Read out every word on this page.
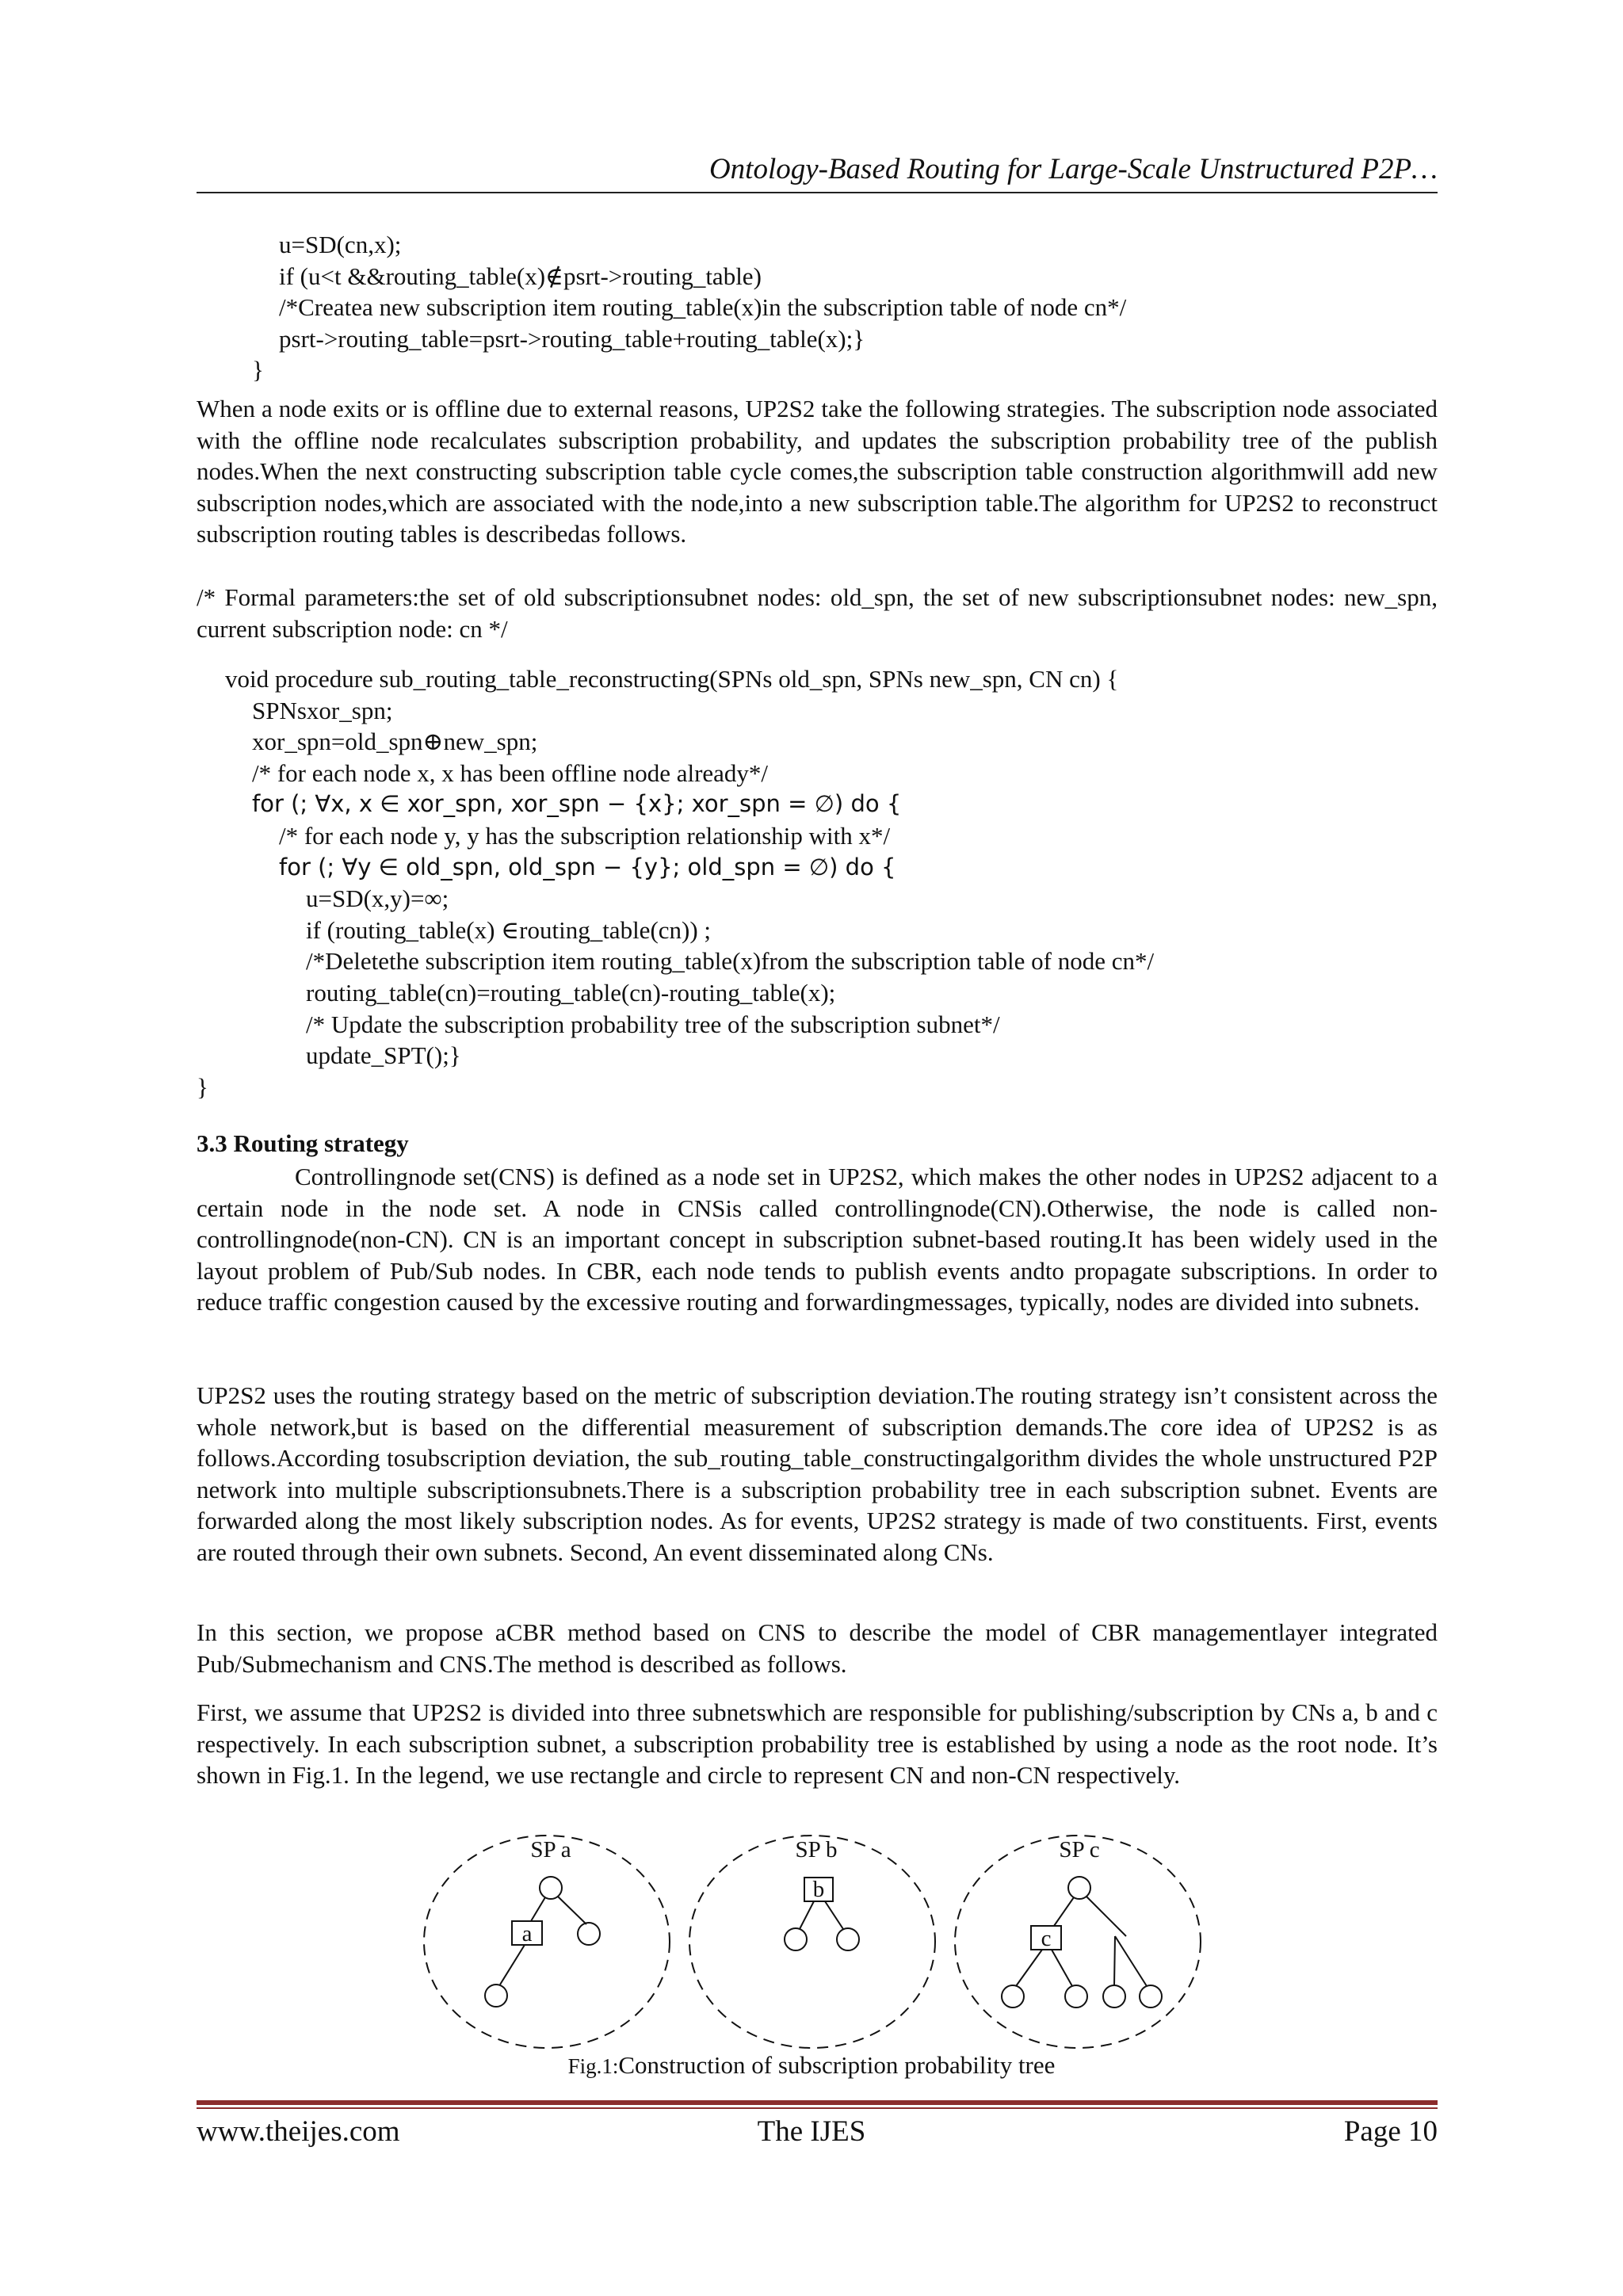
Ontology-Based Routing for Large-Scale Unstructured P2P…
u=SD(cn,x);
if (u<t &&routing_table(x)∉psrt->routing_table)
/*Createa new subscription item routing_table(x)in the subscription table of node cn*/
psrt->routing_table=psrt->routing_table+routing_table(x);}
}

When a node exits or is offline due to external reasons, UP2S2 take the following strategies. The subscription node associated with the offline node recalculates subscription probability, and updates the subscription probability tree of the publish nodes.When the next constructing subscription table cycle comes,the subscription table construction algorithmwill add new subscription nodes,which are associated with the node,into a new subscription table.The algorithm for UP2S2 to reconstruct subscription routing tables is describedas follows.

/* Formal parameters:the set of old subscriptionsubnet nodes: old_spn, the set of new subscriptionsubnet nodes: new_spn, current subscription node: cn */

void procedure sub_routing_table_reconstructing(SPNs old_spn, SPNs new_spn, CN cn) {
SPNsxor_spn;
xor_spn=old_spn⊕new_spn;
/* for each node x, x has been offline node already*/
for (; ∀x, x ∈ xor_spn, xor_spn − {x}; xor_spn = ∅) do {
/* for each node y, y has the subscription relationship with x*/
for (; ∀y ∈ old_spn, old_spn − {y}; old_spn = ∅) do {
u=SD(x,y)=∞;
if (routing_table(x) ∈routing_table(cn)) ;
/*Deletethe subscription item routing_table(x)from the subscription table of node cn*/
routing_table(cn)=routing_table(cn)-routing_table(x);
/* Update the subscription probability tree of the subscription subnet*/
update_SPT();}
}
3.3 Routing strategy

Controllingnode set(CNS) is defined as a node set in UP2S2, which makes the other nodes in UP2S2 adjacent to a certain node in the node set. A node in CNSis called controllingnode(CN).Otherwise, the node is called non-controllingnode(non-CN). CN is an important concept in subscription subnet-based routing.It has been widely used in the layout problem of Pub/Sub nodes. In CBR, each node tends to publish events andto propagate subscriptions. In order to reduce traffic congestion caused by the excessive routing and forwardingmessages, typically, nodes are divided into subnets.

UP2S2 uses the routing strategy based on the metric of subscription deviation.The routing strategy isn’t consistent across the whole network,but is based on the differential measurement of subscription demands.The core idea of UP2S2 is as follows.According tosubscription deviation, the sub_routing_table_constructingalgorithm divides the whole unstructured P2P network into multiple subscriptionsubnets.There is a subscription probability tree in each subscription subnet. Events are forwarded along the most likely subscription nodes. As for events, UP2S2 strategy is made of two constituents. First, events are routed through their own subnets. Second, An event disseminated along CNs.

In this section, we propose aCBR method based on CNS to describe the model of CBR managementlayer integrated Pub/Submechanism and CNS.The method is described as follows.

First, we assume that UP2S2 is divided into three subnetswhich are responsible for publishing/subscription by CNs a, b and c respectively. In each subscription subnet, a subscription probability tree is established by using a node as the root node. It’s shown in Fig.1. In the legend, we use rectangle and circle to represent CN and non-CN respectively.

SP a
a
SP b
b
SP c
c
Fig.1:Construction of subscription probability tree
www.theijes.com	The IJES	Page 10
